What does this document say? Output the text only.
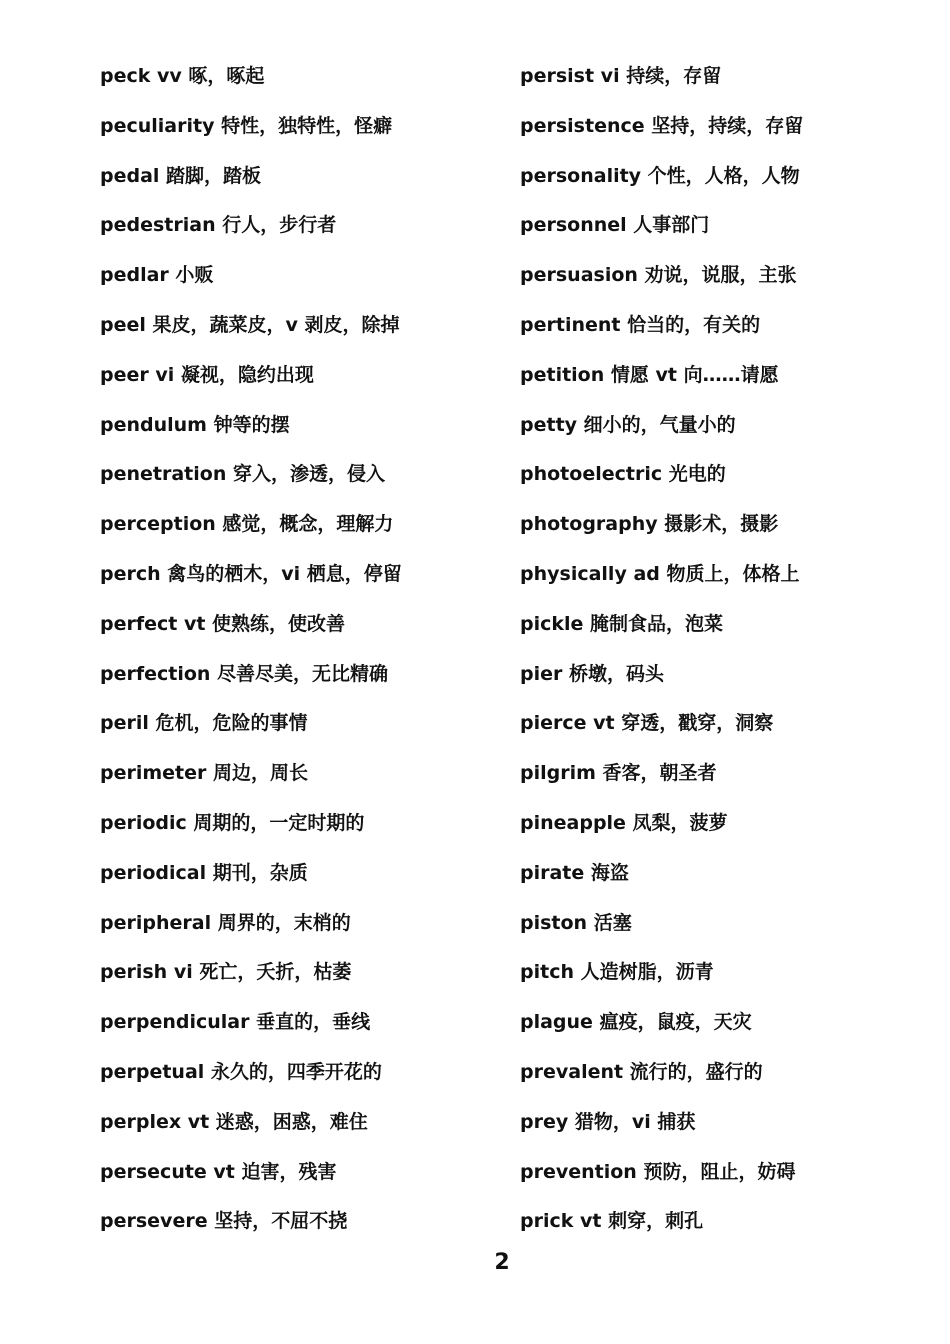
peck vv 啄，啄起
peculiarity 特性，独特性，怪癖
pedal 踏脚，踏板
pedestrian 行人，步行者
pedlar 小贩
peel 果皮，蔬菜皮，v 剥皮，除掉
peer vi 凝视，隐约出现
pendulum 钟等的摆
penetration 穿入，渗透，侵入
perception 感觉，概念，理解力
perch 禽鸟的栖木，vi 栖息，停留
perfect vt 使熟练，使改善
perfection 尽善尽美，无比精确
peril 危机，危险的事情
perimeter 周边，周长
periodic 周期的，一定时期的
periodical 期刊，杂质
peripheral 周界的，末梢的
perish vi 死亡，夭折，枯萎
perpendicular 垂直的，垂线
perpetual 永久的，四季开花的
perplex vt 迷惑，困惑，难住
persecute vt 迫害，残害
persevere 坚持，不屈不挠
persist vi 持续，存留
persistence 坚持，持续，存留
personality 个性，人格，人物
personnel 人事部门
persuasion 劝说，说服，主张
pertinent 恰当的，有关的
petition 情愿 vt 向……请愿
petty 细小的，气量小的
photoelectric 光电的
photography 摄影术，摄影
physically ad 物质上，体格上
pickle 腌制食品，泡菜
pier 桥墩，码头
pierce vt 穿透，戳穿，洞察
pilgrim 香客，朝圣者
pineapple 凤梨，菠萝
pirate 海盗
piston 活塞
pitch 人造树脂，沥青
plague 瘟疫，鼠疫，天灾
prevalent 流行的，盛行的
prey 猎物，vi 捕获
prevention 预防，阻止，妨碍
prick vt 刺穿，刺孔
2
